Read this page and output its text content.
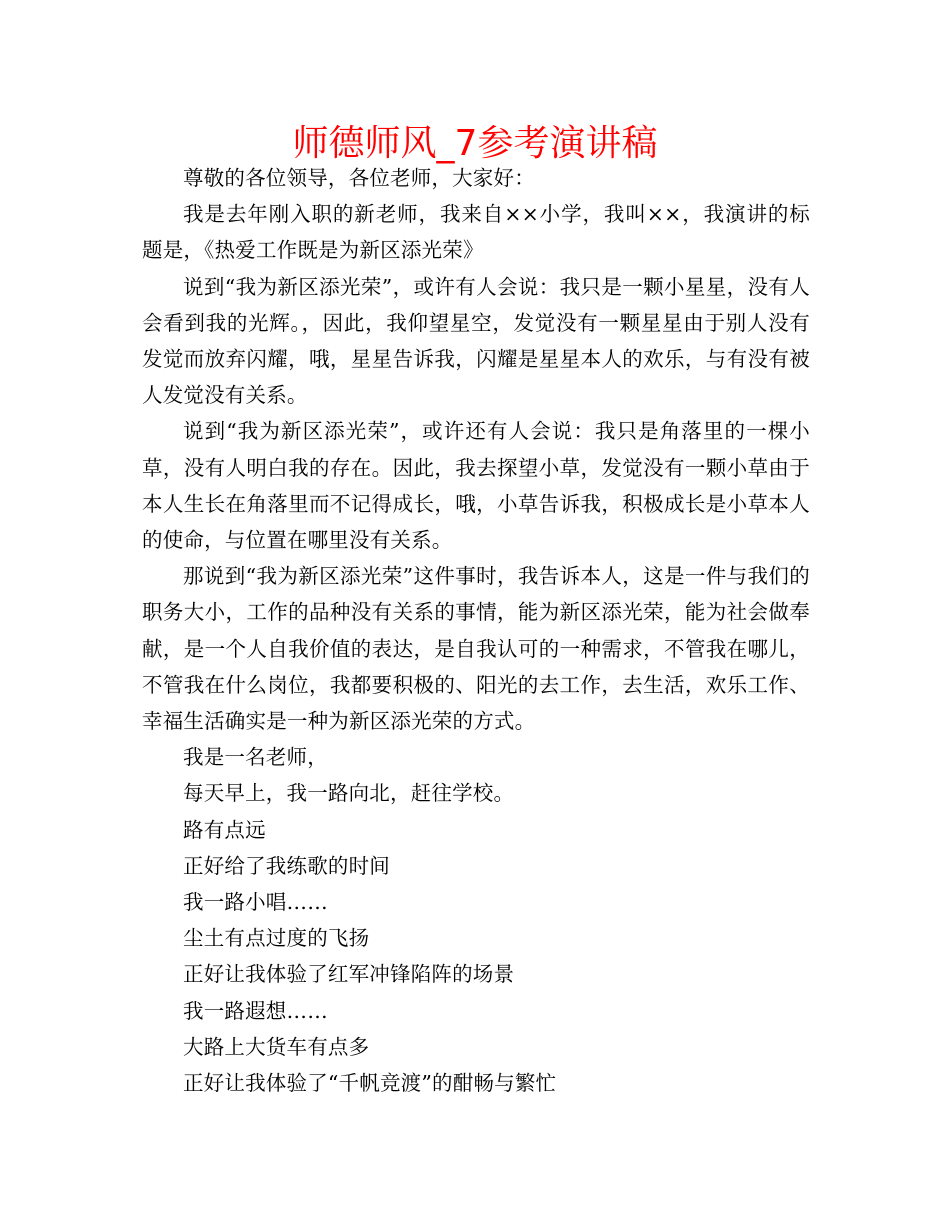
师德师风_7参考演讲稿

尊敬的各位领导，各位老师，大家好：

我是去年刚入职的新老师，我来自××小学，我叫××，我演讲的标题是，《热爱工作既是为新区添光荣》

说到“我为新区添光荣”，或许有人会说：我只是一颗小星星，没有人会看到我的光辉。，因此，我仰望星空，发觉没有一颗星星由于别人没有发觉而放弃闪耀，哦，星星告诉我，闪耀是星星本人的欢乐，与有没有被人发觉没有关系。

说到“我为新区添光荣”，或许还有人会说：我只是角落里的一棵小草，没有人明白我的存在。因此，我去探望小草，发觉没有一颗小草由于本人生长在角落里而不记得成长，哦，小草告诉我，积极成长是小草本人的使命，与位置在哪里没有关系。

那说到“我为新区添光荣”这件事时，我告诉本人，这是一件与我们的职务大小，工作的品种没有关系的事情，能为新区添光荣，能为社会做奉献，是一个人自我价值的表达，是自我认可的一种需求，不管我在哪儿，不管我在什么岗位，我都要积极的、阳光的去工作，去生活，欢乐工作、幸福生活确实是一种为新区添光荣的方式。

我是一名老师，

每天早上，我一路向北，赶往学校。

路有点远

正好给了我练歌的时间

我一路小唱……

尘土有点过度的飞扬

正好让我体验了红军冲锋陷阵的场景

我一路遐想……

大路上大货车有点多

正好让我体验了“千帆竞渡”的酣畅与繁忙
